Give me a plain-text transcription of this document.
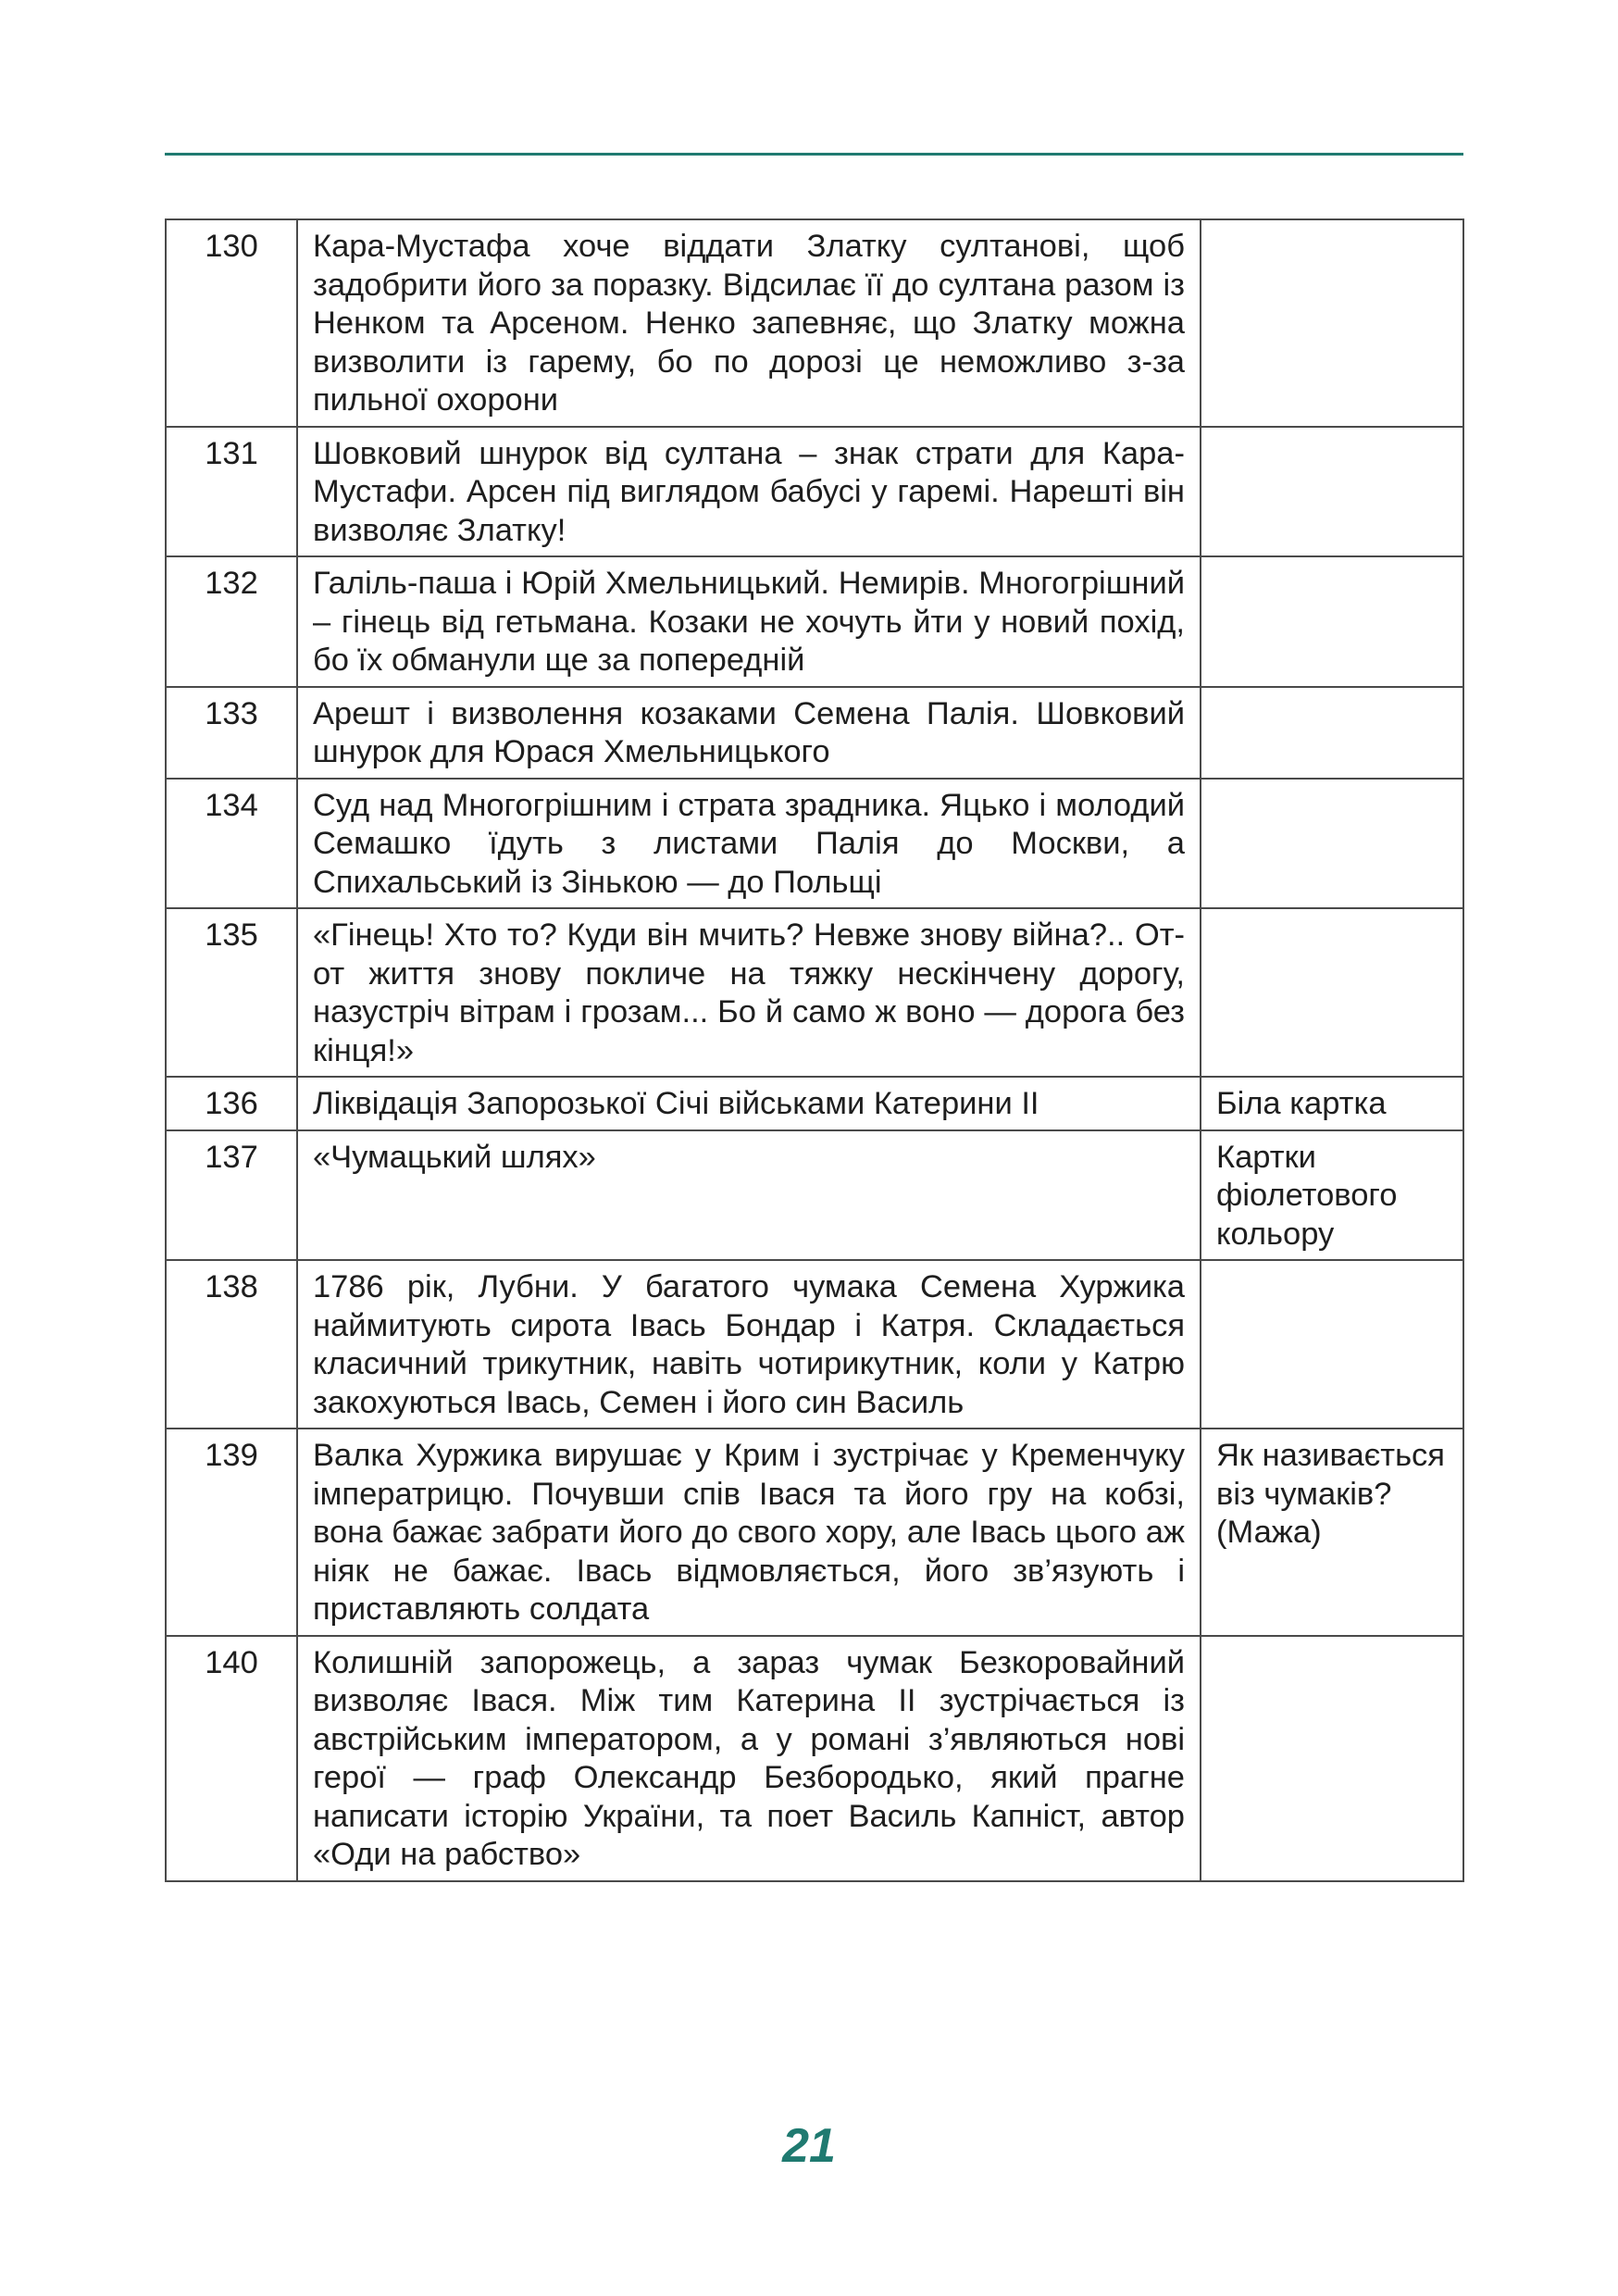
130	Кара-Мустафа хоче віддати Златку султанові, щоб задобрити його за поразку. Відсилає її до султана разом із Ненком та Арсеном. Ненко запевняє, що Златку можна визволити із гарему, бо по дорозі це неможливо з-за пильної охорони	
131	Шовковий шнурок від султана – знак страти для Кара-Мустафи. Арсен під виглядом бабусі у гаремі. Нарешті він визволяє Златку!	
132	Галіль-паша і Юрій Хмельницький. Немирів. Многогрішний – гінець від гетьмана. Козаки не хочуть йти у новий похід, бо їх обманули ще за попередній	
133	Арешт і визволення козаками Семена Палія. Шовковий шнурок для Юрася Хмельницького	
134	Суд над Многогрішним і страта зрадника. Яцько і молодий Семашко їдуть з листами Палія до Москви, а Спихальський із Зінькою — до Польщі	
135	«Гінець! Хто то? Куди він мчить? Невже знову війна?.. От-от життя знову покличе на тяжку нескінчену дорогу, назустріч вітрам і грозам... Бо й само ж воно — дорога без кінця!»	
136	Ліквідація Запорозької Січі військами Катерини ІІ	Біла картка
137	«Чумацький шлях»	Картки фіолетового кольору
138	1786 рік, Лубни. У багатого чумака Семена Хуржика наймитують сирота Івась Бондар і Катря. Складається класичний трикутник, навіть чотирикутник, коли у Катрю закохуються Івась, Семен і його син Василь	
139	Валка Хуржика вирушає у Крим і зустрічає у Кременчуку імператрицю. Почувши спів Івася та його гру на кобзі, вона бажає забрати його до свого хору, але Івась цього аж ніяк не бажає. Івась відмовляється, його зв’язують і приставляють солдата	Як називається віз чумаків? (Мажа)
140	Колишній запорожець, а зараз чумак Безкоровайний визволяє Івася. Між тим Катерина ІІ зустрічається із австрійським імператором, а у романі з’являються нові герої — граф Олександр Безбородько, який прагне написати історію України, та поет Василь Капніст, автор «Оди на рабство»	
21
